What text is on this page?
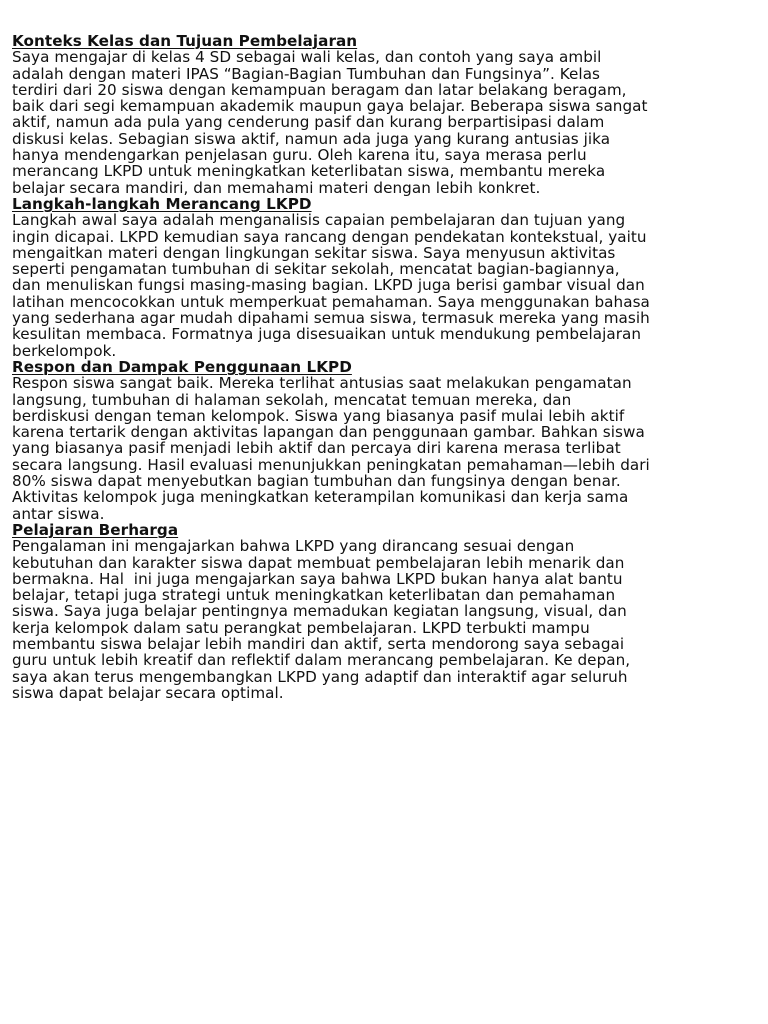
Konteks Kelas dan Tujuan Pembelajaran
Saya mengajar di kelas 4 SD sebagai wali kelas, dan contoh yang saya ambil
adalah dengan materi IPAS “Bagian-Bagian Tumbuhan dan Fungsinya”. Kelas
terdiri dari 20 siswa dengan kemampuan beragam dan latar belakang beragam,
baik dari segi kemampuan akademik maupun gaya belajar. Beberapa siswa sangat
aktif, namun ada pula yang cenderung pasif dan kurang berpartisipasi dalam
diskusi kelas. Sebagian siswa aktif, namun ada juga yang kurang antusias jika
hanya mendengarkan penjelasan guru. Oleh karena itu, saya merasa perlu
merancang LKPD untuk meningkatkan keterlibatan siswa, membantu mereka
belajar secara mandiri, dan memahami materi dengan lebih konkret.
Langkah-langkah Merancang LKPD
Langkah awal saya adalah menganalisis capaian pembelajaran dan tujuan yang
ingin dicapai. LKPD kemudian saya rancang dengan pendekatan kontekstual, yaitu
mengaitkan materi dengan lingkungan sekitar siswa. Saya menyusun aktivitas
seperti pengamatan tumbuhan di sekitar sekolah, mencatat bagian-bagiannya,
dan menuliskan fungsi masing-masing bagian. LKPD juga berisi gambar visual dan
latihan mencocokkan untuk memperkuat pemahaman. Saya menggunakan bahasa
yang sederhana agar mudah dipahami semua siswa, termasuk mereka yang masih
kesulitan membaca. Formatnya juga disesuaikan untuk mendukung pembelajaran
berkelompok.
Respon dan Dampak Penggunaan LKPD
Respon siswa sangat baik. Mereka terlihat antusias saat melakukan pengamatan
langsung, tumbuhan di halaman sekolah, mencatat temuan mereka, dan
berdiskusi dengan teman kelompok. Siswa yang biasanya pasif mulai lebih aktif
karena tertarik dengan aktivitas lapangan dan penggunaan gambar. Bahkan siswa
yang biasanya pasif menjadi lebih aktif dan percaya diri karena merasa terlibat
secara langsung. Hasil evaluasi menunjukkan peningkatan pemahaman—lebih dari
80% siswa dapat menyebutkan bagian tumbuhan dan fungsinya dengan benar.
Aktivitas kelompok juga meningkatkan keterampilan komunikasi dan kerja sama
antar siswa.
Pelajaran Berharga
Pengalaman ini mengajarkan bahwa LKPD yang dirancang sesuai dengan
kebutuhan dan karakter siswa dapat membuat pembelajaran lebih menarik dan
bermakna. Hal  ini juga mengajarkan saya bahwa LKPD bukan hanya alat bantu
belajar, tetapi juga strategi untuk meningkatkan keterlibatan dan pemahaman
siswa. Saya juga belajar pentingnya memadukan kegiatan langsung, visual, dan
kerja kelompok dalam satu perangkat pembelajaran. LKPD terbukti mampu
membantu siswa belajar lebih mandiri dan aktif, serta mendorong saya sebagai
guru untuk lebih kreatif dan reflektif dalam merancang pembelajaran. Ke depan,
saya akan terus mengembangkan LKPD yang adaptif dan interaktif agar seluruh
siswa dapat belajar secara optimal.
